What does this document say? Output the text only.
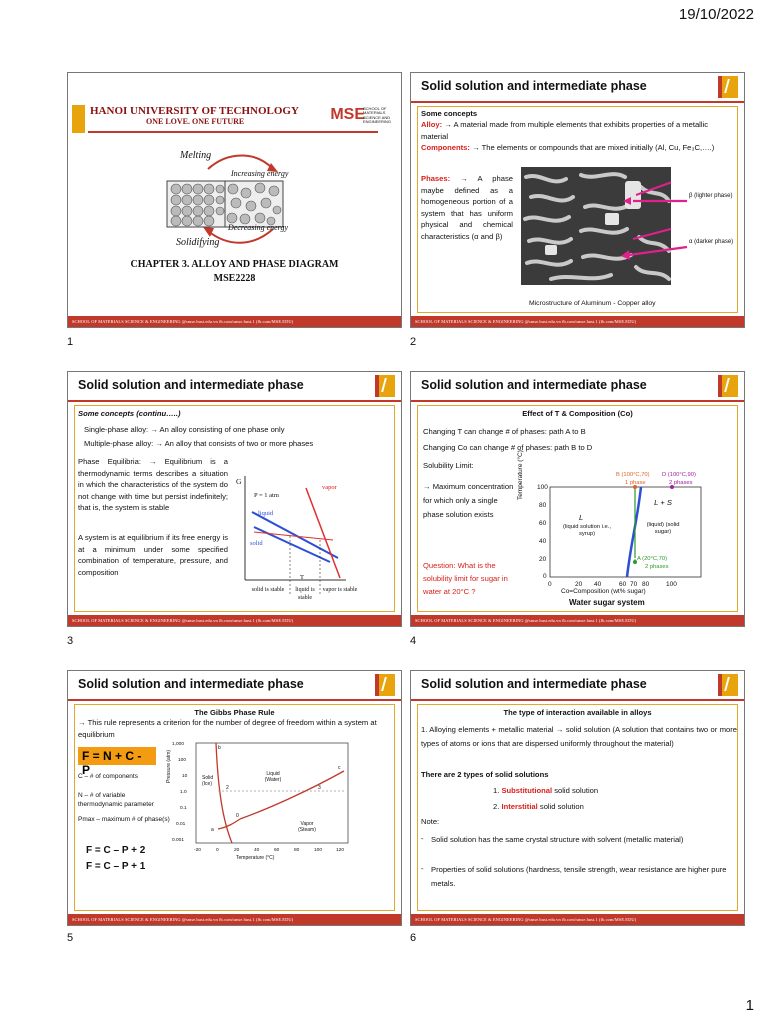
19/10/2022
1
HANOI UNIVERSITY OF TECHNOLOGY
ONE LOVE. ONE FUTURE	MSE
SCHOOL OF MATERIALS SCIENCE AND ENGINEERING
Melting
Increasing energy
Decreasing energy
Solidifying
CHAPTER 3. ALLOY AND PHASE DIAGRAM
MSE2228
SCHOOL OF MATERIALS SCIENCE & ENGINEERING @smse.hust.edu.vn fb.com/smse.hust.1 (fb.com/MSE.EDU)
1
Solid solution and intermediate phase
Some concepts
Alloy: → A material made from multiple elements that exhibits properties of a metallic material
Components: → The elements or compounds that are mixed initially (Al, Cu, Fe₃C,….)
Phases: → A phase maybe defined as a homogeneous portion of a system that has uniform physical and chemical characteristics (α and β)
β (lighter phase)
α (darker phase)
Microstructure of Aluminum - Copper alloy
SCHOOL OF MATERIALS SCIENCE & ENGINEERING @smse.hust.edu.vn fb.com/smse.hust.1 (fb.com/MSE.EDU)
2
Solid solution and intermediate phase
Some concepts (continu…..)
Single-phase alloy: → An alloy consisting of one phase only
Multiple-phase alloy: → An alloy that consists of two or more phases
Phase Equilibria: → Equilibrium is a thermodynamic terms describes a situation in which the characteristics of the system do not change with time but persist indefinitely; that is, the system is stable
A system is at equilibrium if its free energy is at a minimum under some specified combination of temperature, pressure, and composition
G
P = 1 atm
vapor
liquid
solid
T
solid is stable	liquid is stable
vapor is stable
SCHOOL OF MATERIALS SCIENCE & ENGINEERING @smse.hust.edu.vn fb.com/smse.hust.1 (fb.com/MSE.EDU)
3
Solid solution and intermediate phase
Effect of T & Composition (Co)
Changing T can change # of phases: path A to B
Changing Co can change # of phases: path B to D
Solubility Limit:
→ Maximum concentration for which only a single phase solution exists
Question: What is the solubility limit for sugar in water at 20°C ?
Temperature (°C)	100
80
60
40
20
0
0	20 40	60 70 80	100
Co=Composition (wt% sugar)
Water sugar system
B (100°C,70)
1 phase
D (100°C,90)
2 phases
A (20°C,70)
2 phases
L
(liquid solution i.e., syrup)
L + S
(liquid) (solid sugar)
SCHOOL OF MATERIALS SCIENCE & ENGINEERING @smse.hust.edu.vn fb.com/smse.hust.1 (fb.com/MSE.EDU)
4
Solid solution and intermediate phase
The Gibbs Phase Rule
→ This rule represents a criterion for the number of degree of freedom within a system at equilibrium
F = N + C - P
C – # of components
N – # of variable thermodynamic parameter
Pmax – maximum # of phase(s)
F = C – P + 2
F = C – P + 1
Pressure (atm)
1,000
100
10
1.0
0.1
0.01
0.001
-20	0	20	40	60	80	100	120
Temperature (°C)
Solid (Ice)
Liquid (Water)
Vapor (Steam)
b
c
2	3
a
0
SCHOOL OF MATERIALS SCIENCE & ENGINEERING @smse.hust.edu.vn fb.com/smse.hust.1 (fb.com/MSE.EDU)
5
Solid solution and intermediate phase
The type of interaction available in alloys
1. Alloying elements + metallic material → solid solution (A solution that contains two or more types of atoms or ions that are dispersed uniformly throughout the material)
There are 2 types of solid solutions
1. Substitutional solid solution
2. Interstitial solid solution
Note:
- Solid solution has the same crystal structure with solvent (metallic material)
- Properties of solid solutions (hardness, tensile strength, wear resistance are higher pure metals.
SCHOOL OF MATERIALS SCIENCE & ENGINEERING @smse.hust.edu.vn fb.com/smse.hust.1 (fb.com/MSE.EDU)
6
